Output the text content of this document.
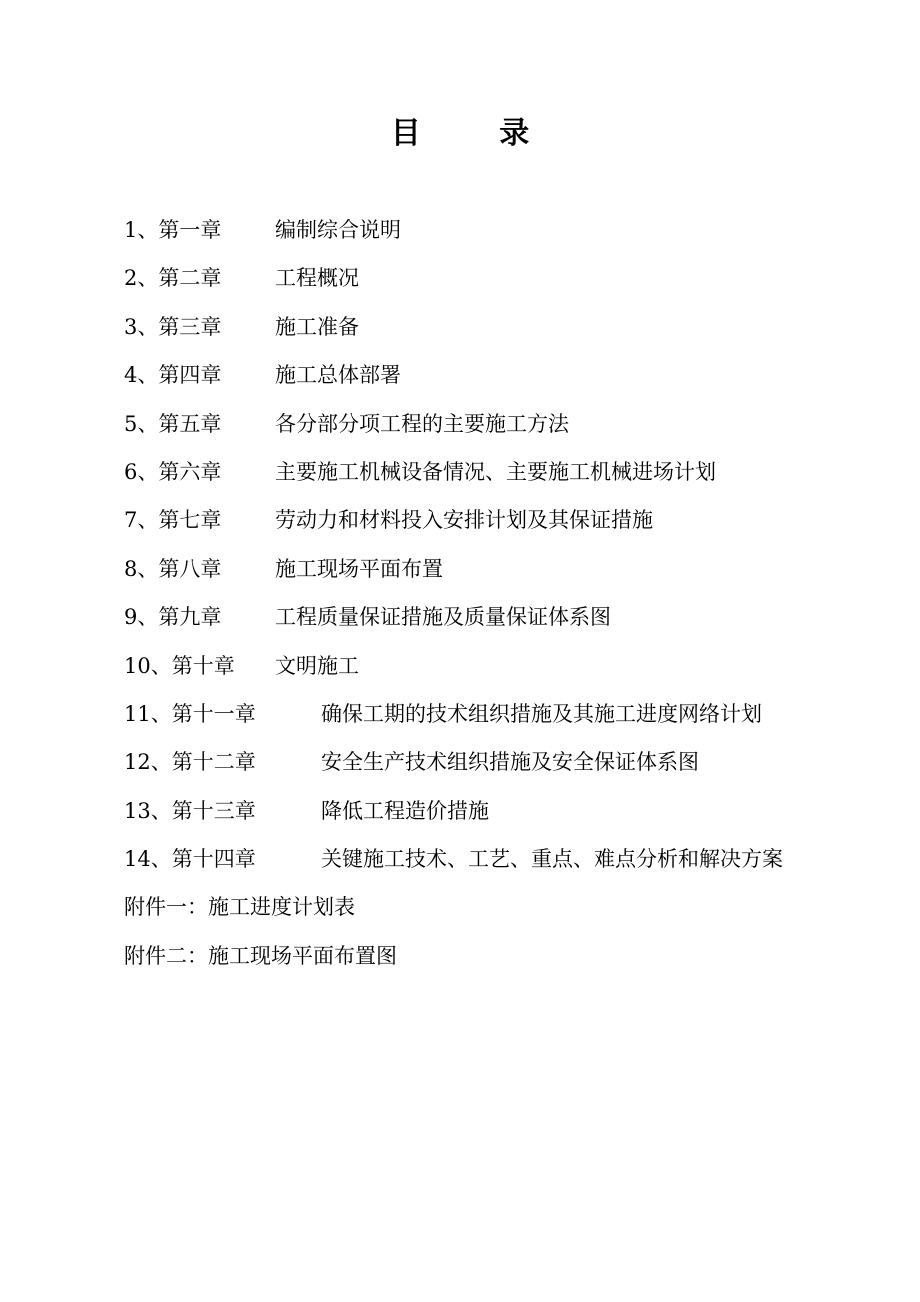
目 录
1、第一章	编制综合说明
2、第二章	工程概况
3、第三章	施工准备
4、第四章	施工总体部署
5、第五章	各分部分项工程的主要施工方法
6、第六章	主要施工机械设备情况、主要施工机械进场计划
7、第七章	劳动力和材料投入安排计划及其保证措施
8、第八章	施工现场平面布置
9、第九章	工程质量保证措施及质量保证体系图
10、第十章 文明施工
11、第十一章	确保工期的技术组织措施及其施工进度网络计划
12、第十二章	安全生产技术组织措施及安全保证体系图
13、第十三章	降低工程造价措施
14、第十四章	关键施工技术、工艺、重点、难点分析和解决方案
附件一：施工进度计划表
附件二：施工现场平面布置图
